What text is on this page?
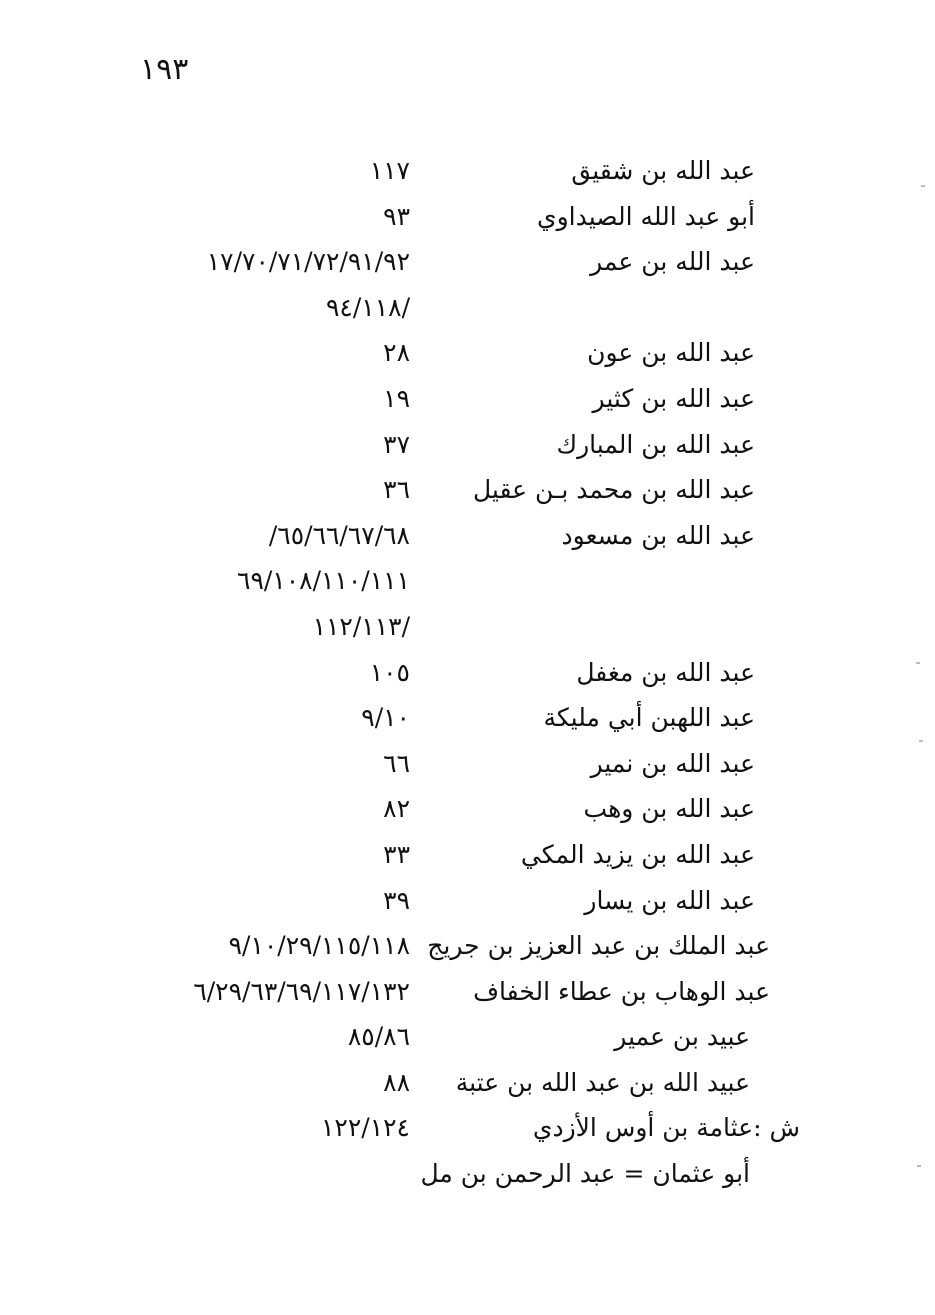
١٩٣
عبد الله بن شقيق
١١٧
أبو عبد الله الصيداوي
٩٣
عبد الله بن عمر
١٧/٧٠/٧١/٧٢/٩١/٩٢
/٩٤/١١٨
عبد الله بن عون
٢٨
عبد الله بن كثير
١٩
عبد الله بن المبارك
٣٧
عبد الله بن محمد بـن عقيل
٣٦
عبد الله بن مسعود
٦٥/٦٦/٦٧/٦٨/
٦٩/١٠٨/١١٠/١١١
/١١٢/١١٣
عبد الله بن مغفل
١٠٥
عبد اللهبن أبي مليكة
٩/١٠
عبد الله بن نمير
٦٦
عبد الله بن وهب
٨٢
عبد الله بن يزيد المكي
٣٣
عبد الله بن يسار
٣٩
عبد الملك بن عبد العزيز بن جريج
٩/١٠/٢٩/١١٥/١١٨
عبد الوهاب بن عطاء الخفاف
٦/٢٩/٦٣/٦٩/١١٧/١٣٢
عبيد بن عمير
٨٥/٨٦
عبيد الله بن عبد الله بن عتبة
٨٨
ش :عثامة بن أوس الأزدي
١٢٢/١٢٤
أبو عثمان = عبد الرحمن بن مل
